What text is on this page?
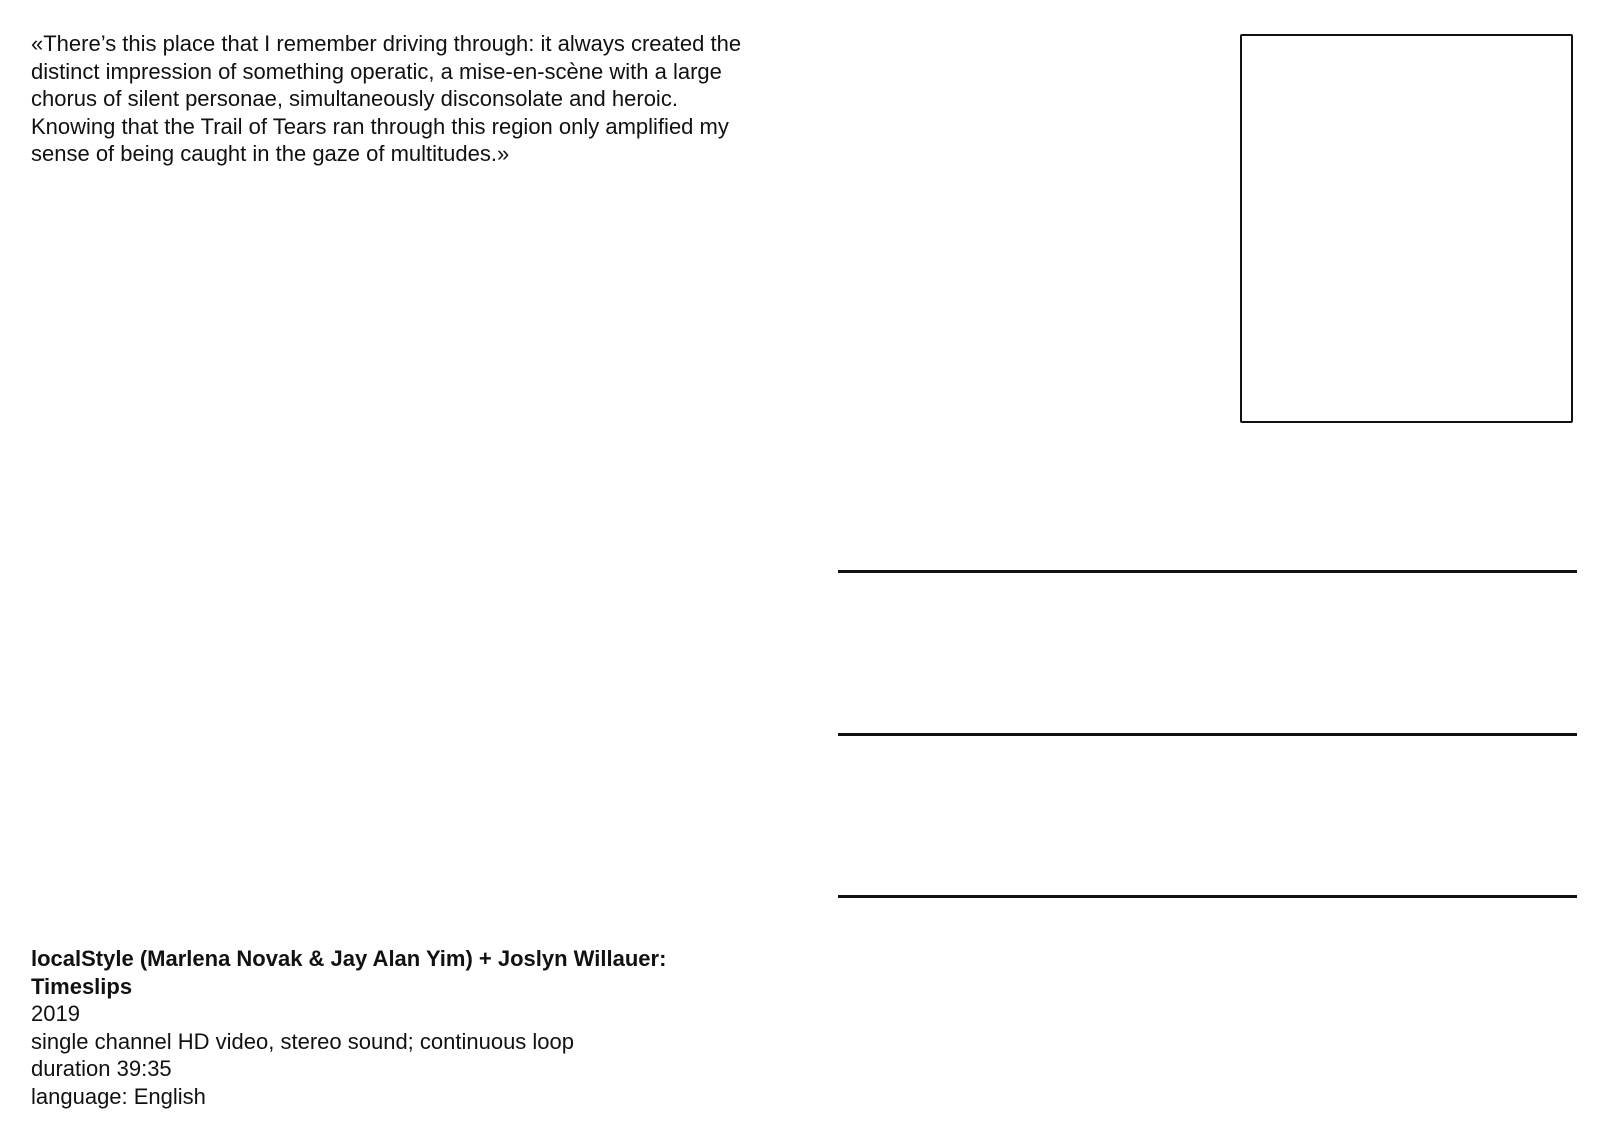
«There’s this place that I remember driving through: it always created the distinct impression of something operatic, a mise-en-scène with a large chorus of silent personae, simultaneously disconsolate and heroic. Knowing that the Trail of Tears ran through this region only amplified my sense of being caught in the gaze of multitudes.»

localStyle (Marlena Novak & Jay Alan Yim) + Joslyn Willauer:
Timeslips
2019
single channel HD video, stereo sound; continuous loop
duration 39:35
language: English
